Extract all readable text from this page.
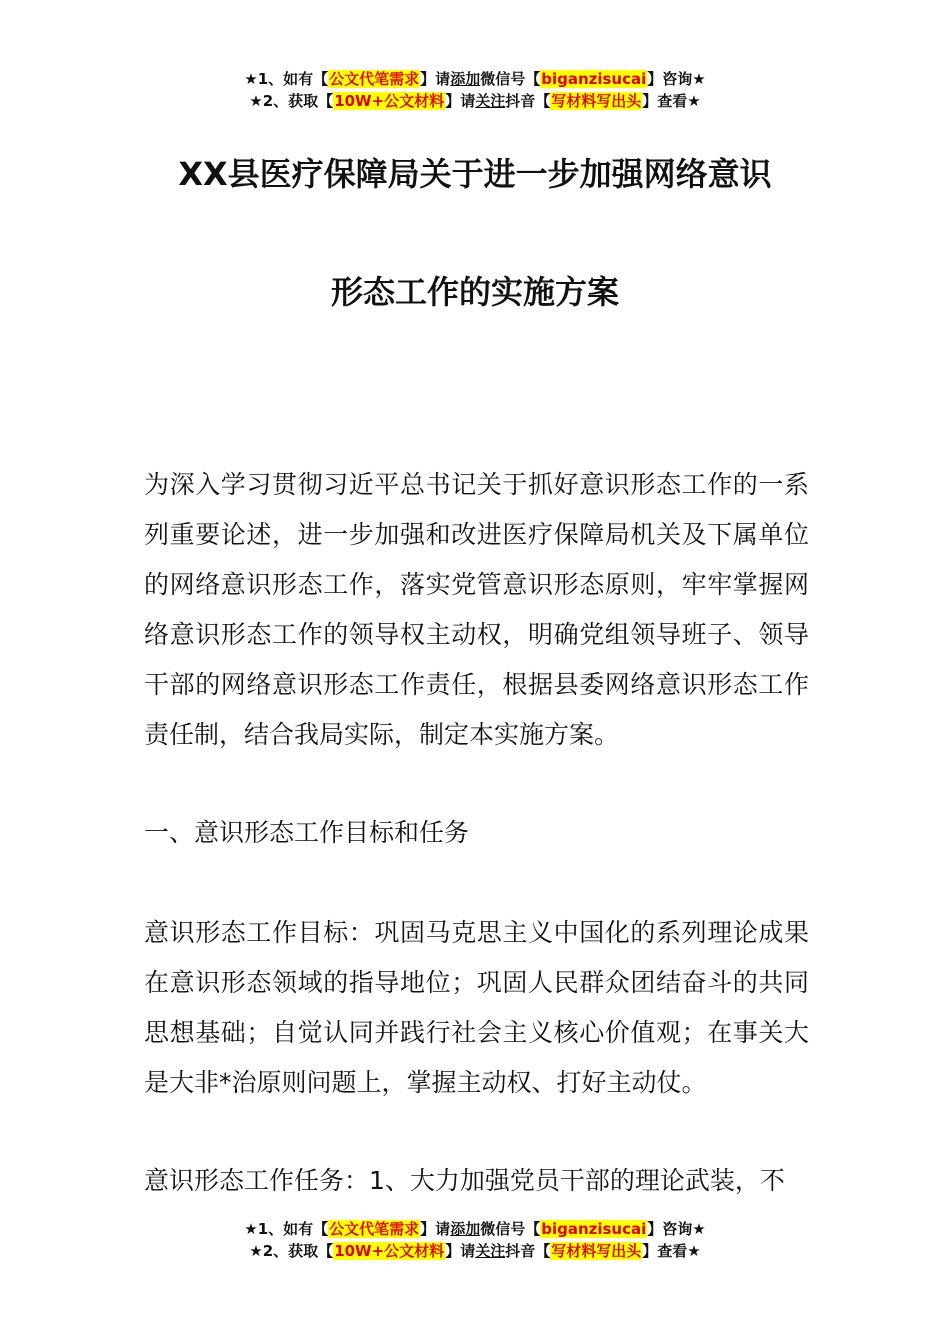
★1、如有【公文代笔需求】请添加微信号【biganzisucai】咨询★
★2、获取【10W+公文材料】请关注抖音【写材料写出头】查看★
XX县医疗保障局关于进一步加强网络意识
形态工作的实施方案
为深入学习贯彻习近平总书记关于抓好意识形态工作的一系列重要论述，进一步加强和改进医疗保障局机关及下属单位的网络意识形态工作，落实党管意识形态原则，牢牢掌握网络意识形态工作的领导权主动权，明确党组领导班子、领导干部的网络意识形态工作责任，根据县委网络意识形态工作责任制，结合我局实际，制定本实施方案。
一、意识形态工作目标和任务
意识形态工作目标：巩固马克思主义中国化的系列理论成果在意识形态领域的指导地位；巩固人民群众团结奋斗的共同思想基础；自觉认同并践行社会主义核心价值观；在事关大是大非*治原则问题上，掌握主动权、打好主动仗。
意识形态工作任务：1、大力加强党员干部的理论武装，不
★1、如有【公文代笔需求】请添加微信号【biganzisucai】咨询★
★2、获取【10W+公文材料】请关注抖音【写材料写出头】查看★
